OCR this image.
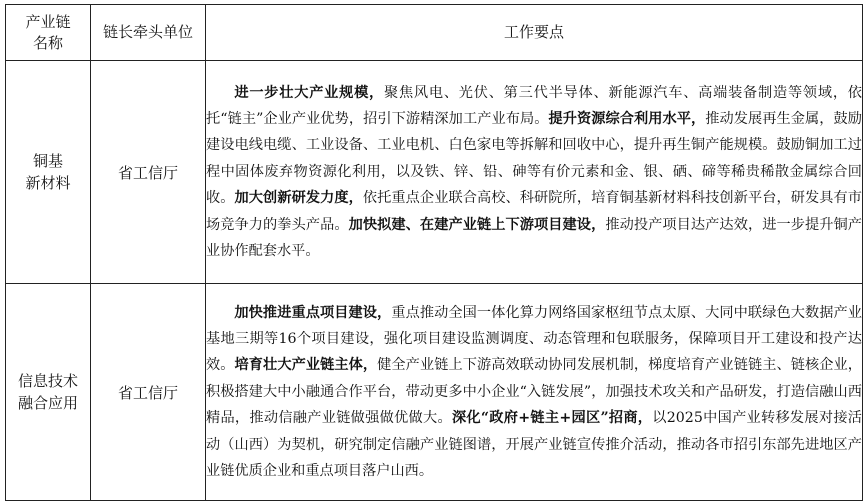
产业链
名称	链长牵头单位	工作要点

铜基
新材料	省工信厅	进一步壮大产业规模，聚焦风电、光伏、第三代半导体、新能源汽车、高端装备制造等领域，依托“链主”企业产业优势，招引下游精深加工产业布局。提升资源综合利用水平，推动发展再生金属，鼓励建设电线电缆、工业设备、工业电机、白色家电等拆解和回收中心，提升再生铜产能规模。鼓励铜加工过程中固体废弃物资源化利用，以及铁、锌、铅、砷等有价元素和金、银、硒、碲等稀贵稀散金属综合回收。加大创新研发力度，依托重点企业联合高校、科研院所，培育铜基新材料科技创新平台，研发具有市场竞争力的拳头产品。加快拟建、在建产业链上下游项目建设，推动投产项目达产达效，进一步提升铜产业协作配套水平。

信息技术
融合应用	省工信厅	加快推进重点项目建设，重点推动全国一体化算力网络国家枢纽节点太原、大同中联绿色大数据产业基地三期等16个项目建设，强化项目建设监测调度、动态管理和包联服务，保障项目开工建设和投产达效。培育壮大产业链主体，健全产业链上下游高效联动协同发展机制，梯度培育产业链链主、链核企业，积极搭建大中小融通合作平台，带动更多中小企业“入链发展”，加强技术攻关和产品研发，打造信融山西精品，推动信融产业链做强做优做大。深化“政府+链主+园区”招商，以2025中国产业转移发展对接活动（山西）为契机，研究制定信融产业链图谱，开展产业链宣传推介活动，推动各市招引东部先进地区产业链优质企业和重点项目落户山西。
